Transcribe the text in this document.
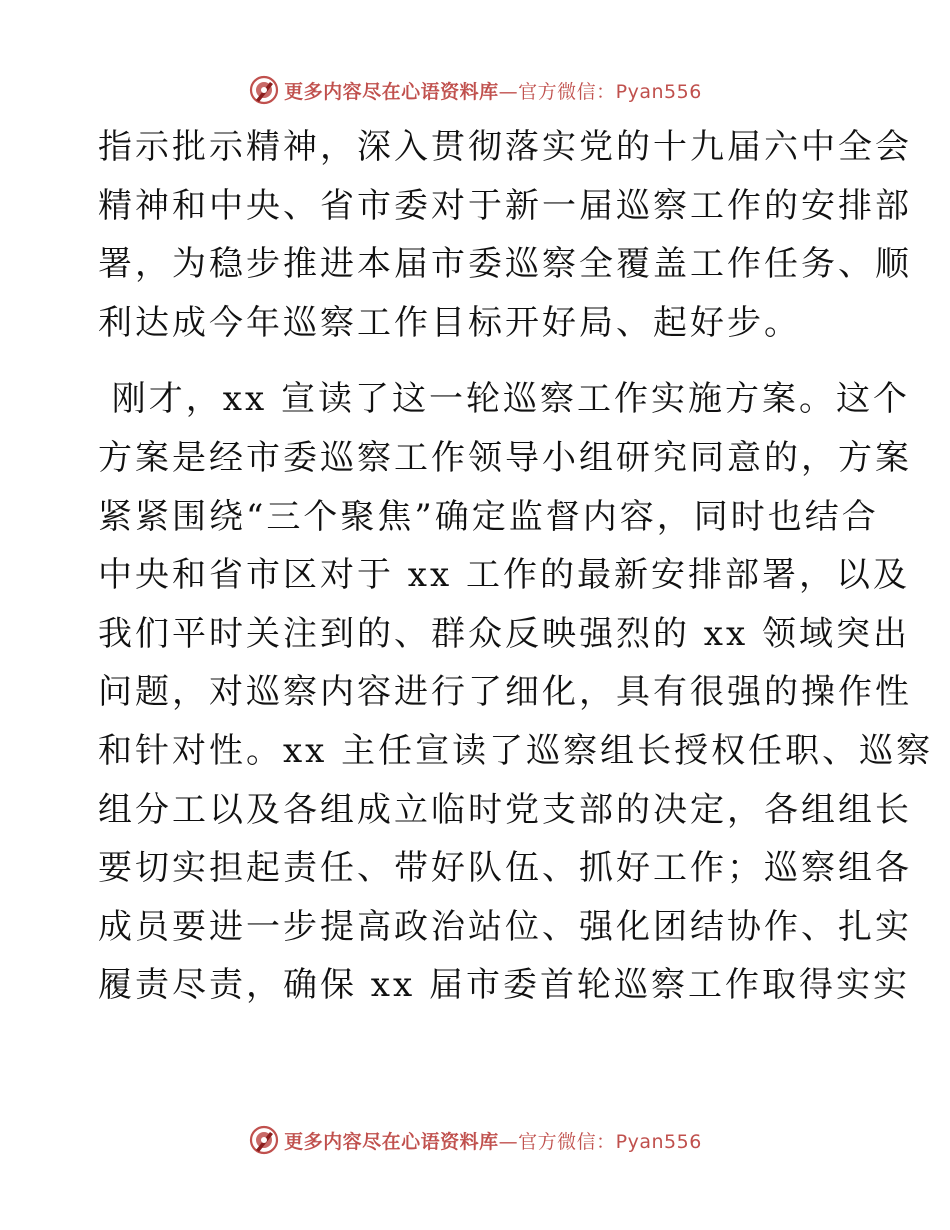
更多内容尽在心语资料库—官方微信：Pyan556

指示批示精神，深入贯彻落实党的十九届六中全会
精神和中央、省市委对于新一届巡察工作的安排部
署，为稳步推进本届市委巡察全覆盖工作任务、顺
利达成今年巡察工作目标开好局、起好步。

刚才，xx 宣读了这一轮巡察工作实施方案。这个
方案是经市委巡察工作领导小组研究同意的，方案
紧紧围绕“三个聚焦”确定监督内容，同时也结合
中央和省市区对于 xx 工作的最新安排部署，以及
我们平时关注到的、群众反映强烈的 xx 领域突出
问题，对巡察内容进行了细化，具有很强的操作性
和针对性。xx 主任宣读了巡察组长授权任职、巡察
组分工以及各组成立临时党支部的决定，各组组长
要切实担起责任、带好队伍、抓好工作；巡察组各
成员要进一步提高政治站位、强化团结协作、扎实
履责尽责，确保 xx 届市委首轮巡察工作取得实实

更多内容尽在心语资料库—官方微信：Pyan556
